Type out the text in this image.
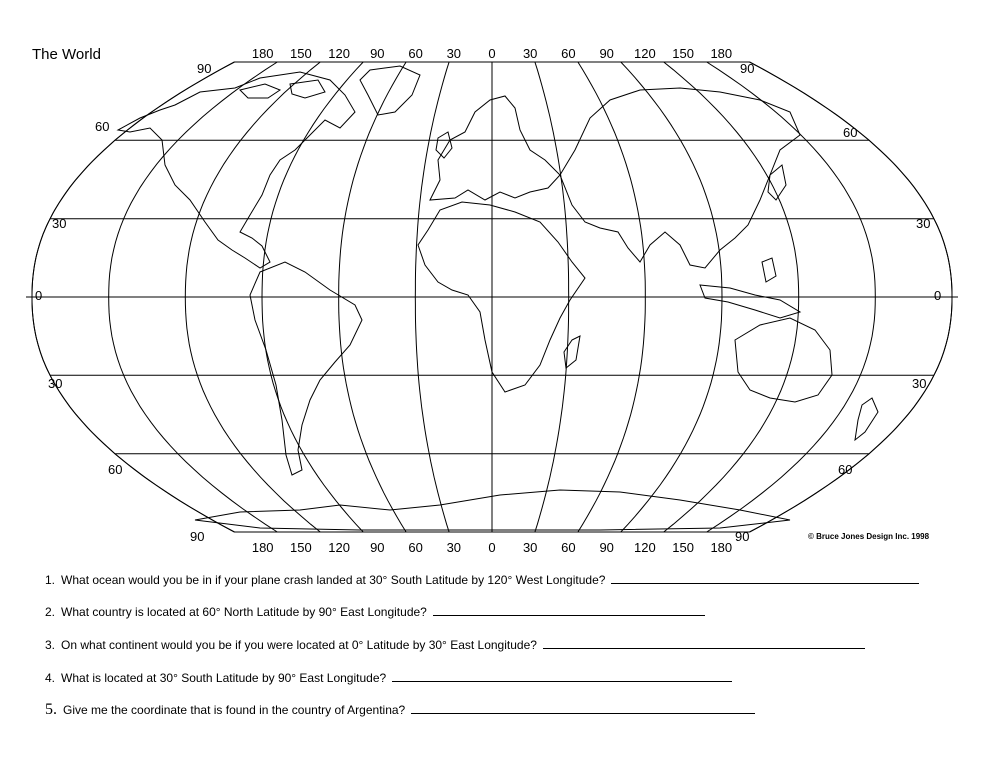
The World	180 150 120 90 60 30 0 30 60 90 120 150 180
180 150 120 90 60 30 0 30 60 90 120 150 180
90	90
60	60
30	30
0	0
30	30
60	60
90	90	© Bruce Jones Design Inc. 1998
1. What ocean would you be in if your plane crash landed at 30° South Latitude by 120° West Longitude?
2. What country is located at 60° North Latitude by 90° East Longitude?
3. On what continent would you be if you were located at 0° Latitude by 30° East Longitude?
4. What is located at 30° South Latitude by 90° East Longitude?
5. Give me the coordinate that is found in the country of Argentina?
